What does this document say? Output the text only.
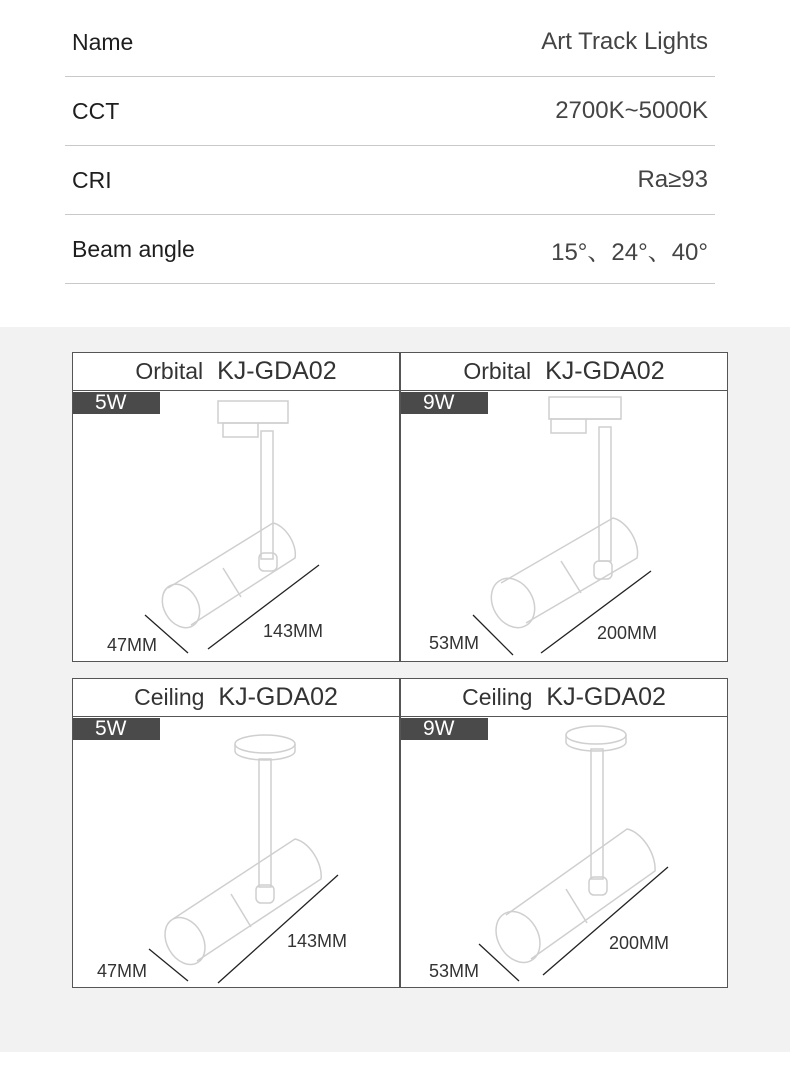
Name	Art Track Lights
CCT	2700K~5000K
CRI	Ra≥93
Beam angle	15°、24°、40°
Orbital KJ-GDA02
5W
47MM
143MM
Orbital KJ-GDA02
9W
53MM	200MM
Ceiling KJ-GDA02
5W
47MM
143MM
Ceiling KJ-GDA02
9W
53MM
200MM
